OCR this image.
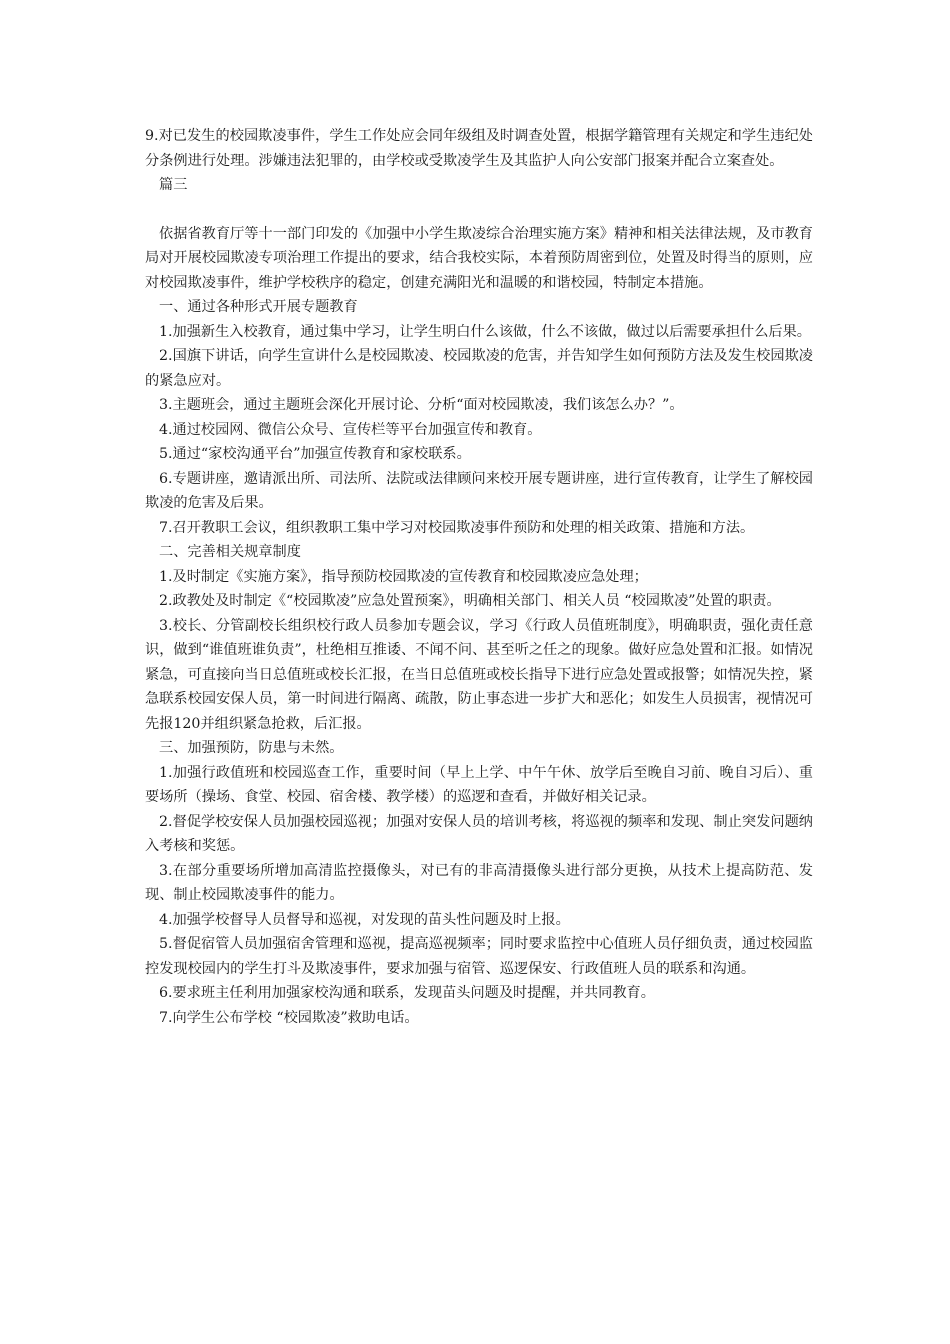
9.对已发生的校园欺凌事件，学生工作处应会同年级组及时调查处置，根据学籍管理有关规定和学生违纪处分条例进行处理。涉嫌违法犯罪的，由学校或受欺凌学生及其监护人向公安部门报案并配合立案查处。

篇三

依据省教育厅等十一部门印发的《加强中小学生欺凌综合治理实施方案》精神和相关法律法规，及市教育局对开展校园欺凌专项治理工作提出的要求，结合我校实际，本着预防周密到位，处置及时得当的原则，应对校园欺凌事件，维护学校秩序的稳定，创建充满阳光和温暖的和谐校园，特制定本措施。

一、通过各种形式开展专题教育

1.加强新生入校教育，通过集中学习，让学生明白什么该做，什么不该做，做过以后需要承担什么后果。

2.国旗下讲话，向学生宣讲什么是校园欺凌、校园欺凌的危害，并告知学生如何预防方法及发生校园欺凌的紧急应对。

3.主题班会，通过主题班会深化开展讨论、分析“面对校园欺凌，我们该怎么办？”。

4.通过校园网、微信公众号、宣传栏等平台加强宣传和教育。

5.通过“家校沟通平台”加强宣传教育和家校联系。

6.专题讲座，邀请派出所、司法所、法院或法律顾问来校开展专题讲座，进行宣传教育，让学生了解校园欺凌的危害及后果。

7.召开教职工会议，组织教职工集中学习对校园欺凌事件预防和处理的相关政策、措施和方法。

二、完善相关规章制度

1.及时制定《实施方案》，指导预防校园欺凌的宣传教育和校园欺凌应急处理；

2.政教处及时制定《“校园欺凌”应急处置预案》，明确相关部门、相关人员 “校园欺凌”处置的职责。

3.校长、分管副校长组织校行政人员参加专题会议，学习《行政人员值班制度》，明确职责，强化责任意识，做到“谁值班谁负责”，杜绝相互推诿、不闻不问、甚至听之任之的现象。做好应急处置和汇报。如情况紧急，可直接向当日总值班或校长汇报，在当日总值班或校长指导下进行应急处置或报警；如情况失控，紧急联系校园安保人员，第一时间进行隔离、疏散，防止事态进一步扩大和恶化；如发生人员损害，视情况可先报120并组织紧急抢救，后汇报。

三、加强预防，防患与未然。

1.加强行政值班和校园巡查工作，重要时间（早上上学、中午午休、放学后至晚自习前、晚自习后）、重要场所（操场、食堂、校园、宿舍楼、教学楼）的巡逻和查看，并做好相关记录。

2.督促学校安保人员加强校园巡视；加强对安保人员的培训考核，将巡视的频率和发现、制止突发问题纳入考核和奖惩。

3.在部分重要场所增加高清监控摄像头，对已有的非高清摄像头进行部分更换，从技术上提高防范、发现、制止校园欺凌事件的能力。

4.加强学校督导人员督导和巡视，对发现的苗头性问题及时上报。

5.督促宿管人员加强宿舍管理和巡视，提高巡视频率；同时要求监控中心值班人员仔细负责，通过校园监控发现校园内的学生打斗及欺凌事件，要求加强与宿管、巡逻保安、行政值班人员的联系和沟通。

6.要求班主任利用加强家校沟通和联系，发现苗头问题及时提醒，并共同教育。

7.向学生公布学校 “校园欺凌”救助电话。
